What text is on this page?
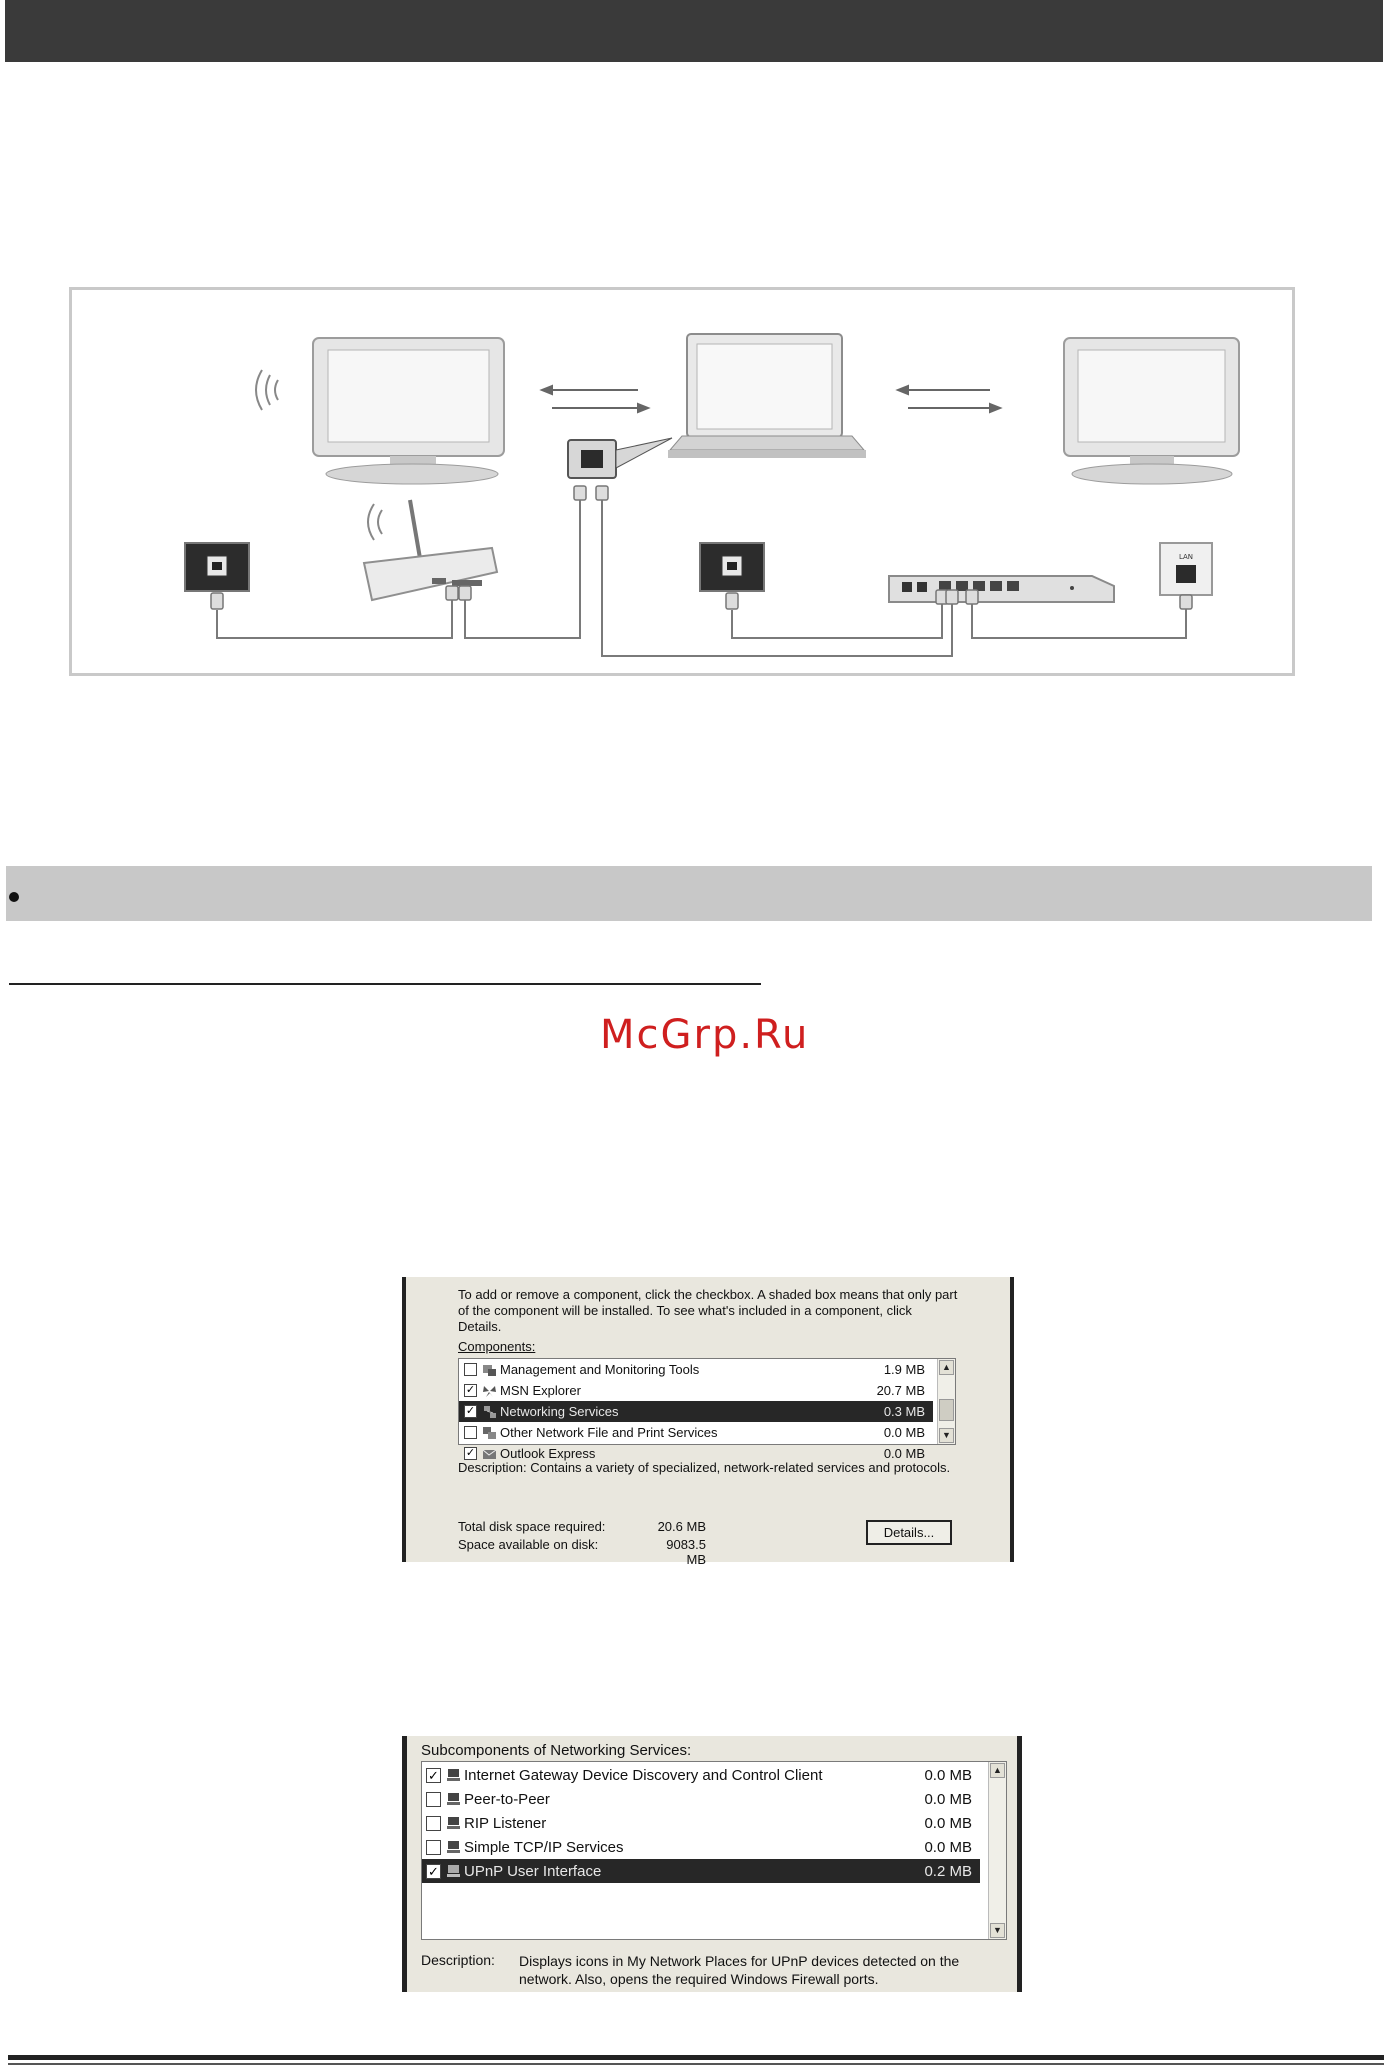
LAN
McGrp.Ru
To add or remove a component, click the checkbox. A shaded box means that only part of the component will be installed. To see what's included in a component, click Details.
Components:
Management and Monitoring Tools	1.9 MB
✓ MSN Explorer	20.7 MB
✓ Networking Services	0.3 MB
Other Network File and Print Services	0.0 MB
✓ Outlook Express	0.0 MB
▲
▼
Description: Contains a variety of specialized, network-related services and protocols.
Total disk space required:	20.6 MB
Space available on disk:	9083.5 MB
Details...
Subcomponents of Networking Services:
✓ Internet Gateway Device Discovery and Control Client	0.0 MB
Peer-to-Peer	0.0 MB
RIP Listener	0.0 MB
Simple TCP/IP Services	0.0 MB
✓ UPnP User Interface	0.2 MB
▲
▼
Description: Displays icons in My Network Places for UPnP devices detected on the network. Also, opens the required Windows Firewall ports.
